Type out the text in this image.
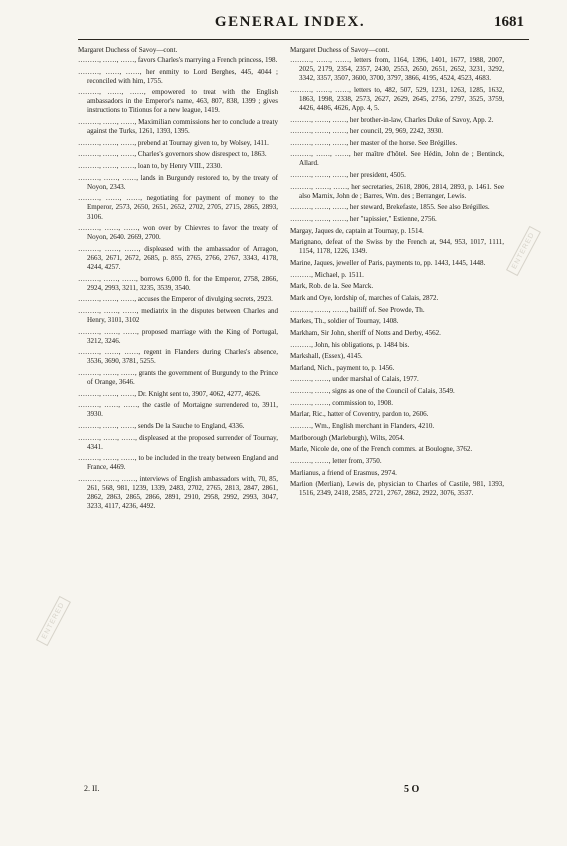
GENERAL INDEX.	1681
Margaret Duchess of Savoy—cont.
………, ……, ……, favors Charles's marrying a French princess, 198.
………, ……, ……, her enmity to Lord Berghes, 445, 4044 ; reconciled with him, 1755.
………, ……, ……, empowered to treat with the English ambassadors in the Emperor's name, 463, 807, 838, 1399 ; gives instructions to Titionus for a new league, 1419.
………, ……, ……, Maximilian commissions her to conclude a treaty against the Turks, 1261, 1393, 1395.
………, ……, ……, prebend at Tournay given to, by Wolsey, 1411.
………, ……, ……, Charles's governors show disrespect to, 1863.
………, ……, ……, loan to, by Henry VIII., 2330.
………, ……, ……, lands in Burgundy restored to, by the treaty of Noyon, 2343.
………, ……, ……, negotiating for payment of money to the Emperor, 2573, 2650, 2651, 2652, 2702, 2705, 2715, 2865, 2893, 3106.
………, ……, ……, won over by Chievres to favor the treaty of Noyon, 2640. 2669, 2700.
………, ……, ……, displeased with the ambassador of Arragon, 2663, 2671, 2672, 2685, p. 855, 2765, 2766, 2767, 3343, 4178, 4244, 4257.
………, ……, ……, borrows 6,000 fl. for the Emperor, 2758, 2866, 2924, 2993, 3211, 3235, 3539, 3540.
………, ……, ……, accuses the Emperor of divulging secrets, 2923.
………, ……, ……, mediatrix in the disputes between Charles and Henry, 3101, 3102
………, ……, ……, proposed marriage with the King of Portugal, 3212, 3246.
………, ……, ……, regent in Flanders during Charles's absence, 3536, 3690, 3781, 5255.
………, ……, ……, grants the government of Burgundy to the Prince of Orange, 3646.
………, ……, ……, Dr. Knight sent to, 3907, 4062, 4277, 4626.
………, ……, ……, the castle of Mortaigne surrendered to, 3911, 3930.
………, ……, ……, sends De la Sauche to England, 4336.
………, ……, ……, displeased at the proposed surrender of Tournay, 4341.
………, ……, ……, to be included in the treaty between England and France, 4469.
………, ……, ……, interviews of English ambassadors with, 70, 85, 261, 568, 981, 1239, 1339, 2483, 2702, 2765, 2813, 2847, 2861, 2862, 2863, 2865, 2866, 2891, 2910, 2958, 2992, 2993, 3047, 3233, 4117, 4236, 4492.
Margaret Duchess of Savoy—cont.
………, ……, ……, letters from, 1164, 1396, 1401, 1677, 1988, 2007, 2025, 2179, 2354, 2357, 2430, 2553, 2650, 2651, 2652, 3231, 3292, 3342, 3357, 3507, 3600, 3700, 3797, 3866, 4195, 4524, 4523, 4683.
………, ……, ……, letters to, 482, 507, 529, 1231, 1263, 1285, 1632, 1863, 1998, 2338, 2573, 2627, 2629, 2645, 2756, 2797, 3525, 3759, 4426, 4486, 4626, App. 4, 5.
………, ……, ……, her brother-in-law, Charles Duke of Savoy, App. 2.
………, ……, ……, her council, 29, 969, 2242, 3930.
………, ……, ……, her master of the horse. See Brégilles.
………, ……, ……, her maître d'hôtel. See Hédin, John de ; Bentinck, Allard.
………, ……, ……, her president, 4505.
………, ……, ……, her secretaries, 2618, 2806, 2814, 2893, p. 1461. See also Marnix, John de ; Barres, Wm. des ; Berranger, Lewis.
………, ……, ……, her steward, Brekefaste, 1855. See also Brégilles.
………, ……, ……, her "tapissier," Estienne, 2756.
Margay, Jaques de, captain at Tournay, p. 1514.
Marignano, defeat of the Swiss by the French at, 944, 953, 1017, 1111, 1154, 1178, 1226, 1349.
Marine, Jaques, jeweller of Paris, payments to, pp. 1443, 1445, 1448.
………, Michael, p. 1511.
Mark, Rob. de la. See Marck.
Mark and Oye, lordship of, marches of Calais, 2872.
………, ……, ……, bailiff of. See Prowde, Th.
Markes, Th., soldier of Tournay, 1408.
Markham, Sir John, sheriff of Notts and Derby, 4562.
………, John, his obligations, p. 1484 bis.
Markshall, (Essex), 4145.
Marland, Nich., payment to, p. 1456.
………, ……, under marshal of Calais, 1977.
………, ……, signs as one of the Council of Calais, 3549.
………, ……, commission to, 1908.
Marlar, Ric., hatter of Coventry, pardon to, 2606.
………, Wm., English merchant in Flanders, 4210.
Marlborough (Marleburgh), Wilts, 2054.
Marle, Nicole de, one of the French commrs. at Boulogne, 3762.
………, ……, letter from, 3750.
Marlianus, a friend of Erasmus, 2974.
Marlion (Merlian), Lewis de, physician to Charles of Castile, 981, 1393, 1516, 2349, 2418, 2585, 2721, 2767, 2862, 2922, 3076, 3537.
2. II.	5 O
ENTERED
ENTERED
